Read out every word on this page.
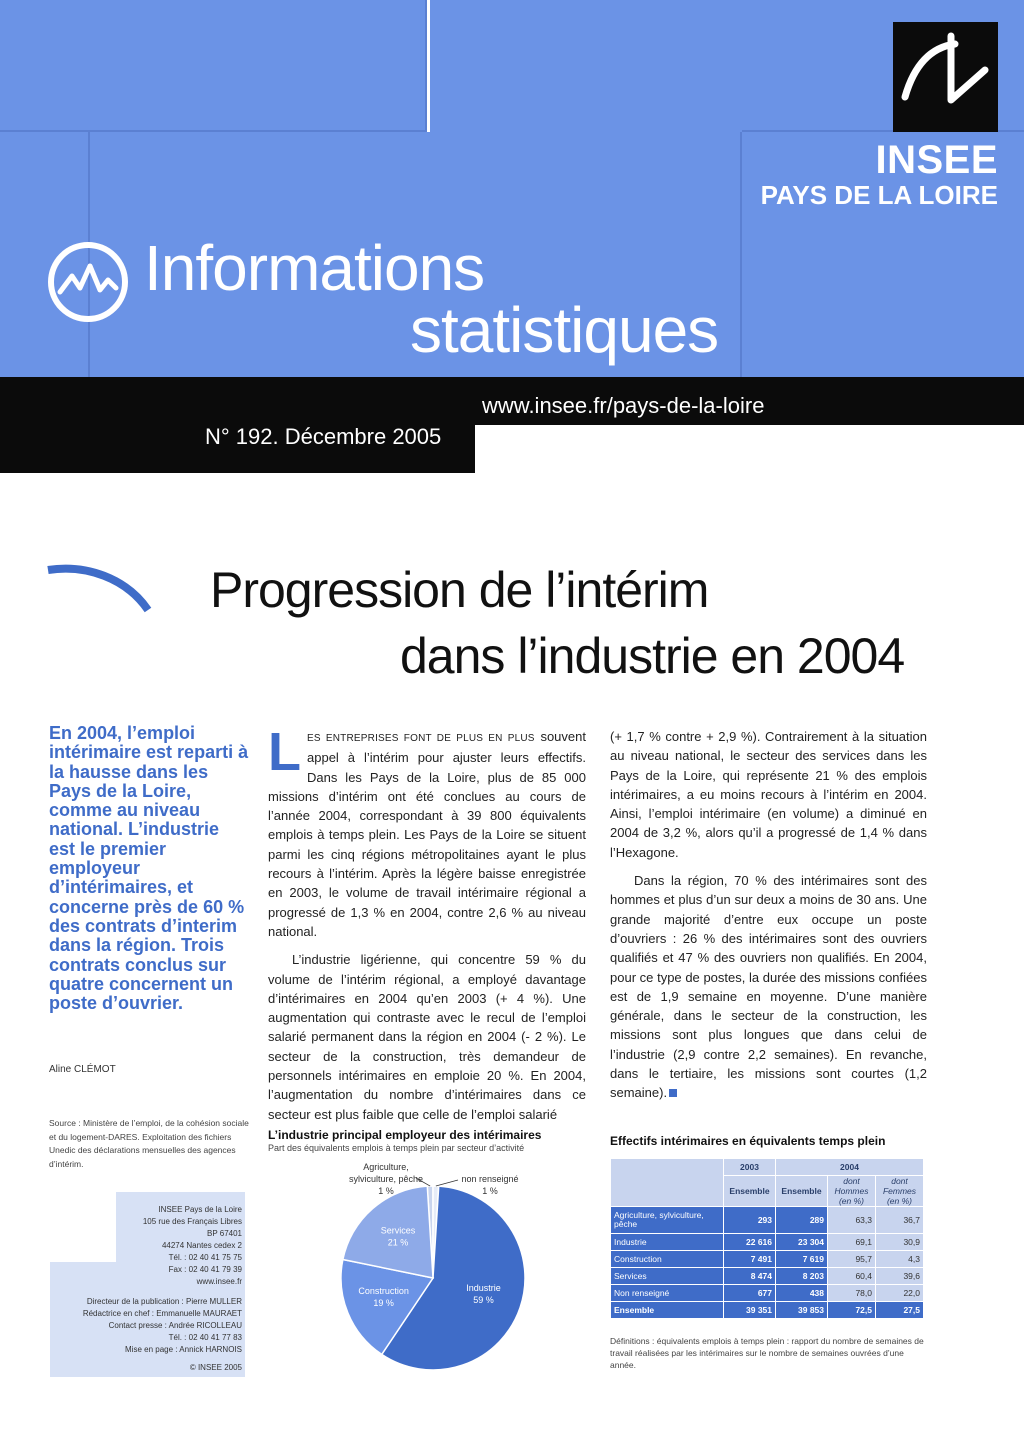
INSEE
PAYS DE LA LOIRE
Informations
statistiques
www.insee.fr/pays-de-la-loire
N° 192. Décembre 2005
Progression de l’intérim
dans l’industrie en 2004
En 2004, l’emploi intérimaire est reparti à la hausse dans les Pays de la Loire, comme au niveau national. L’industrie est le premier employeur d’intérimaires, et concerne près de 60 % des contrats d’interim dans la région. Trois contrats conclus sur quatre concernent un poste d’ouvrier.
Aline CLÉMOT
Source : Ministère de l’emploi, de la cohésion sociale et du logement-DARES. Exploitation des fichiers Unedic des déclarations mensuelles des agences d’intérim.
INSEE Pays de la Loire
105 rue des Français Libres
BP 67401
44274 Nantes cedex 2
Tél. : 02 40 41 75 75
Fax : 02 40 41 79 39
www.insee.fr
Directeur de la publication : Pierre MULLER
Rédactrice en chef : Emmanuelle MAURAET
Contact presse : Andrée RICOLLEAU
Tél. : 02 40 41 77 83
Mise en page : Annick HARNOIS
© INSEE 2005

LES ENTREPRISES FONT DE PLUS EN PLUS souvent appel à l’intérim pour ajuster leurs effectifs. Dans les Pays de la Loire, plus de 85 000 missions d’intérim ont été conclues au cours de l’année 2004, correspondant à 39 800 équivalents emplois à temps plein. Les Pays de la Loire se situent parmi les cinq régions métropolitaines ayant le plus recours à l’intérim. Après la légère baisse enregistrée en 2003, le volume de travail intérimaire régional a progressé de 1,3 % en 2004, contre 2,6 % au niveau national.

L’industrie ligérienne, qui concentre 59 % du volume de l’intérim régional, a employé davantage d’intérimaires en 2004 qu’en 2003 (+ 4 %). Une augmentation qui contraste avec le recul de l’emploi salarié permanent dans la région en 2004 (- 2 %). Le secteur de la construction, très demandeur de personnels intérimaires en emploie 20 %. En 2004, l’augmentation du nombre d’intérimaires dans ce secteur est plus faible que celle de l’emploi salarié

(+ 1,7 % contre + 2,9 %). Contrairement à la situation au niveau national, le secteur des services dans les Pays de la Loire, qui représente 21 % des emplois intérimaires, a eu moins recours à l’intérim en 2004. Ainsi, l’emploi intérimaire (en volume) a diminué en 2004 de 3,2 %, alors qu’il a progressé de 1,4 % dans l’Hexagone.

Dans la région, 70 % des intérimaires sont des hommes et plus d’un sur deux a moins de 30 ans. Une grande majorité d’entre eux occupe un poste d’ouvriers : 26 % des intérimaires sont des ouvriers qualifiés et 47 % des ouvriers non qualifiés. En 2004, pour ce type de postes, la durée des missions confiées est de 1,9 semaine en moyenne. D’une manière générale, dans le secteur de la construction, les missions sont plus longues que dans celui de l’industrie (2,9 contre 2,2 semaines). En revanche, dans le tertiaire, les missions sont courtes (1,2 semaine).

L’industrie principal employeur des intérimaires
Part des équivalents emplois à temps plein par secteur d’activité
Industrie
59 %
Construction
19 %
Services
21 %
Agriculture,
sylviculture, pêche
1 %
non renseigné
1 %
Effectifs intérimaires en équivalents temps plein
	2003	2004		
	Ensemble	Ensemble	dont Hommes (en %)	dont Femmes (en %)
Agriculture, sylviculture, pêche	293	289	63,3	36,7
Industrie	22 616	23 304	69,1	30,9
Construction	7 491	7 619	95,7	4,3
Services	8 474	8 203	60,4	39,6
Non renseigné	677	438	78,0	22,0
Ensemble	39 351	39 853	72,5	27,5
Définitions : équivalents emplois à temps plein : rapport du nombre de semaines de travail réalisées par les intérimaires sur le nombre de semaines ouvrées d’une année.
